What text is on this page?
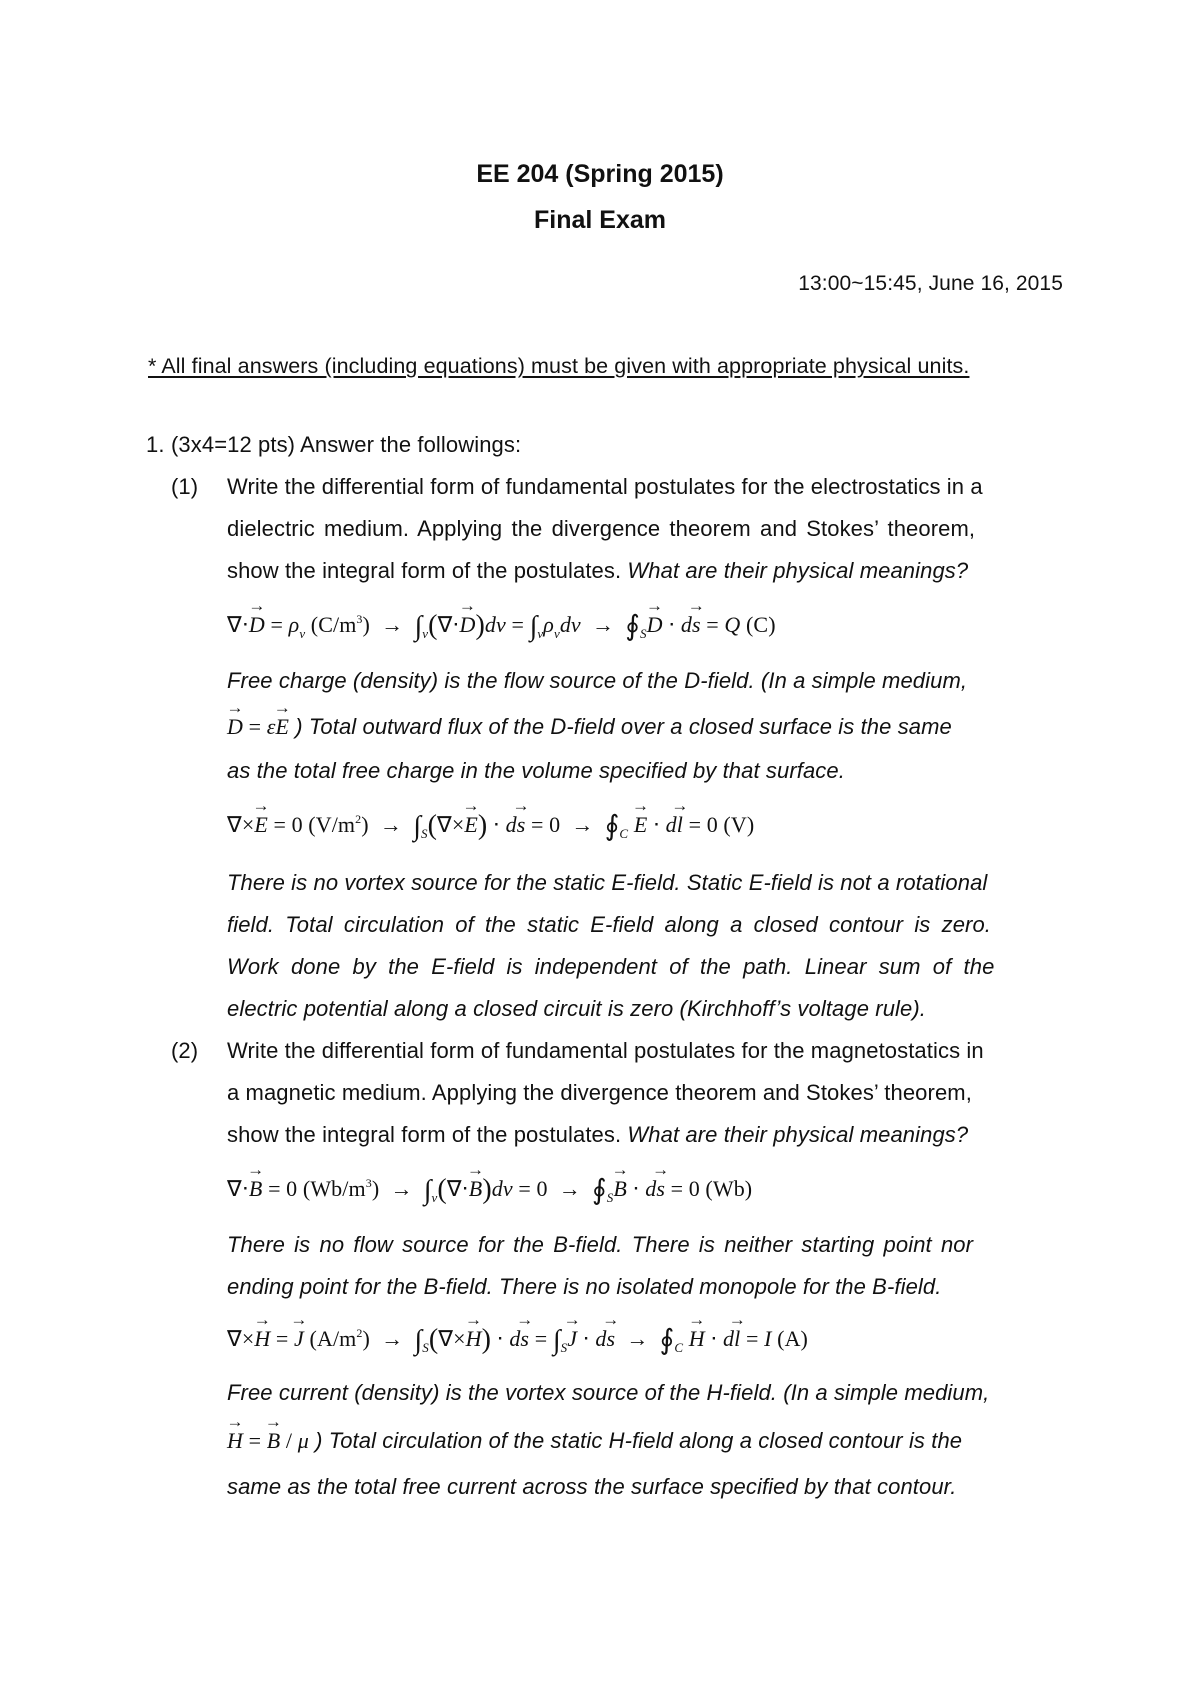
EE 204 (Spring 2015)
Final Exam
13:00~15:45, June 16, 2015
* All final answers (including equations) must be given with appropriate physical units.
1. (3x4=12 pts) Answer the followings:
(1) Write the differential form of fundamental postulates for the electrostatics in a
dielectric medium. Applying the divergence theorem and Stokes’ theorem,
show the integral form of the postulates. What are their physical meanings?
∇⋅→ $D = \rho_v$ $(C/m^3) \to \int_v(\nabla\cdot\to D)dv = \int_v\rho_vdv$  →  $∮_S\to D \cdot d\to s = Q$ (C)
Free charge (density) is the flow source of the D-field. (In a simple medium,
→ D = ε→ E ) Total outward flux of the D-field over a closed surface is the same
as the total free charge in the volume specified by that surface.
∇×→ E = 0 $(V/m^2) \to \int_S(\nabla\times\to E) \cdot d\to s = 0$  →  $∮_C \to E \cdot d\to l = 0$ (V)
There is no vortex source for the static E-field. Static E-field is not a rotational
field. Total circulation of the static E-field along a closed contour is zero.
Work done by the E-field is independent of the path. Linear sum of the
electric potential along a closed circuit is zero (Kirchhoff’s voltage rule).
(2) Write the differential form of fundamental postulates for the magnetostatics in
a magnetic medium. Applying the divergence theorem and Stokes’ theorem,
show the integral form of the postulates. What are their physical meanings?
∇⋅→ B = 0 $(Wb/m^3) \to \int_v(\nabla\cdot\to B)dv = 0$  →  $∮_S\to B \cdot d\to s = 0$ (Wb)
There is no flow source for the B-field. There is neither starting point nor
ending point for the B-field. There is no isolated monopole for the B-field.
∇×→ H = → J $(A/m^2) \to \int_S(\nabla\times\to H) \cdot d\to s = \int_S\to J \cdot d\to s$  →  $∮_C \to H \cdot d\to l = I$ (A)
Free current (density) is the vortex source of the H-field. (In a simple medium,
→ H = → B / μ ) Total circulation of the static H-field along a closed contour is the
same as the total free current across the surface specified by that contour.
